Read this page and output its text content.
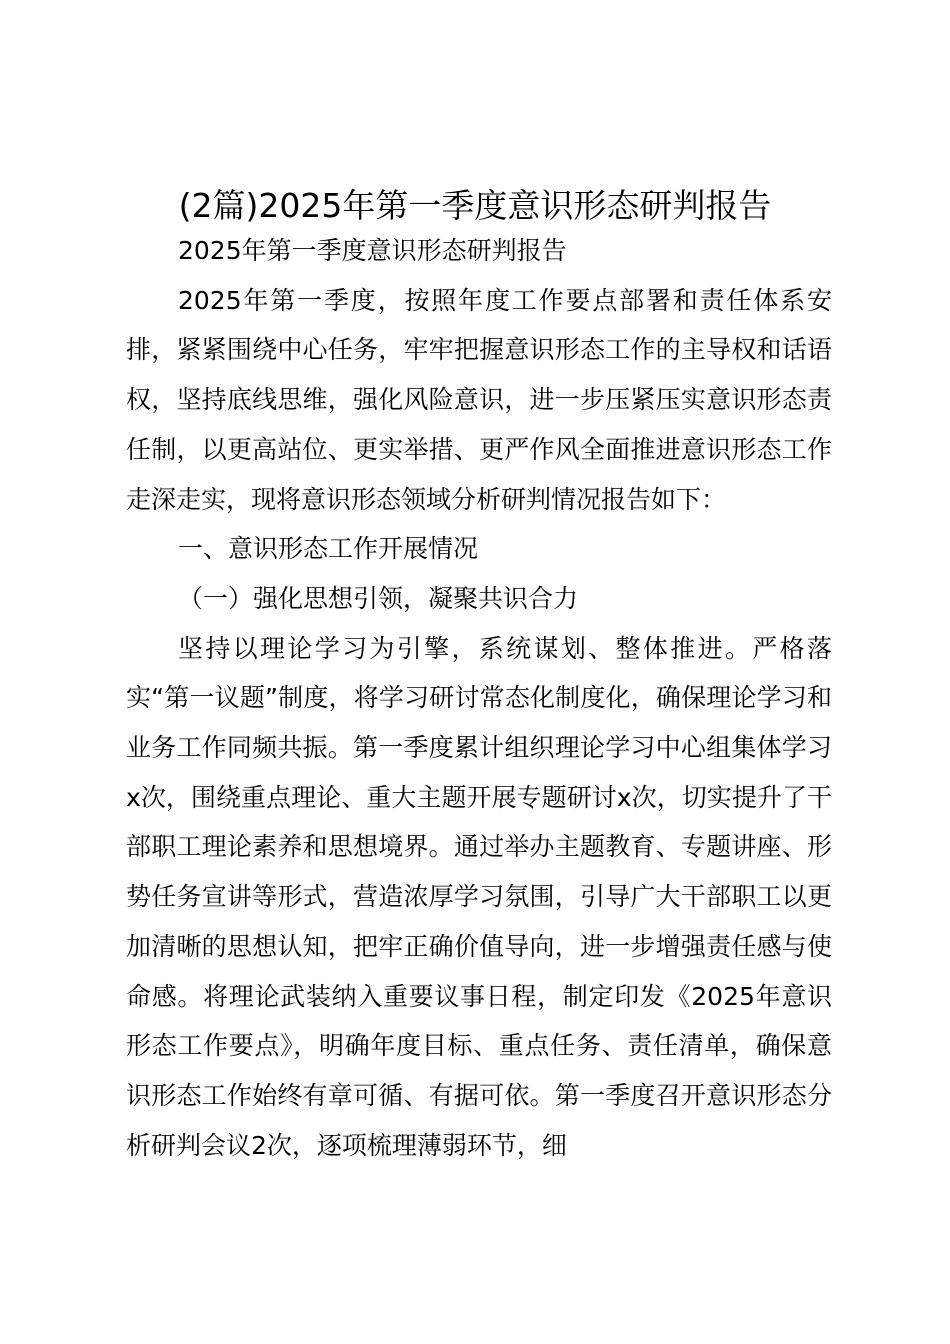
(2篇)2025年第一季度意识形态研判报告

2025年第一季度意识形态研判报告

2025年第一季度，按照年度工作要点部署和责任体系安排，紧紧围绕中心任务，牢牢把握意识形态工作的主导权和话语权，坚持底线思维，强化风险意识，进一步压紧压实意识形态责任制，以更高站位、更实举措、更严作风全面推进意识形态工作走深走实，现将意识形态领域分析研判情况报告如下：

一、意识形态工作开展情况

（一）强化思想引领，凝聚共识合力

坚持以理论学习为引擎，系统谋划、整体推进。严格落实“第一议题”制度，将学习研讨常态化制度化，确保理论学习和业务工作同频共振。第一季度累计组织理论学习中心组集体学习x次，围绕重点理论、重大主题开展专题研讨x次，切实提升了干部职工理论素养和思想境界。通过举办主题教育、专题讲座、形势任务宣讲等形式，营造浓厚学习氛围，引导广大干部职工以更加清晰的思想认知，把牢正确价值导向，进一步增强责任感与使命感。将理论武装纳入重要议事日程，制定印发《2025年意识形态工作要点》，明确年度目标、重点任务、责任清单，确保意识形态工作始终有章可循、有据可依。第一季度召开意识形态分析研判会议2次，逐项梳理薄弱环节，细
